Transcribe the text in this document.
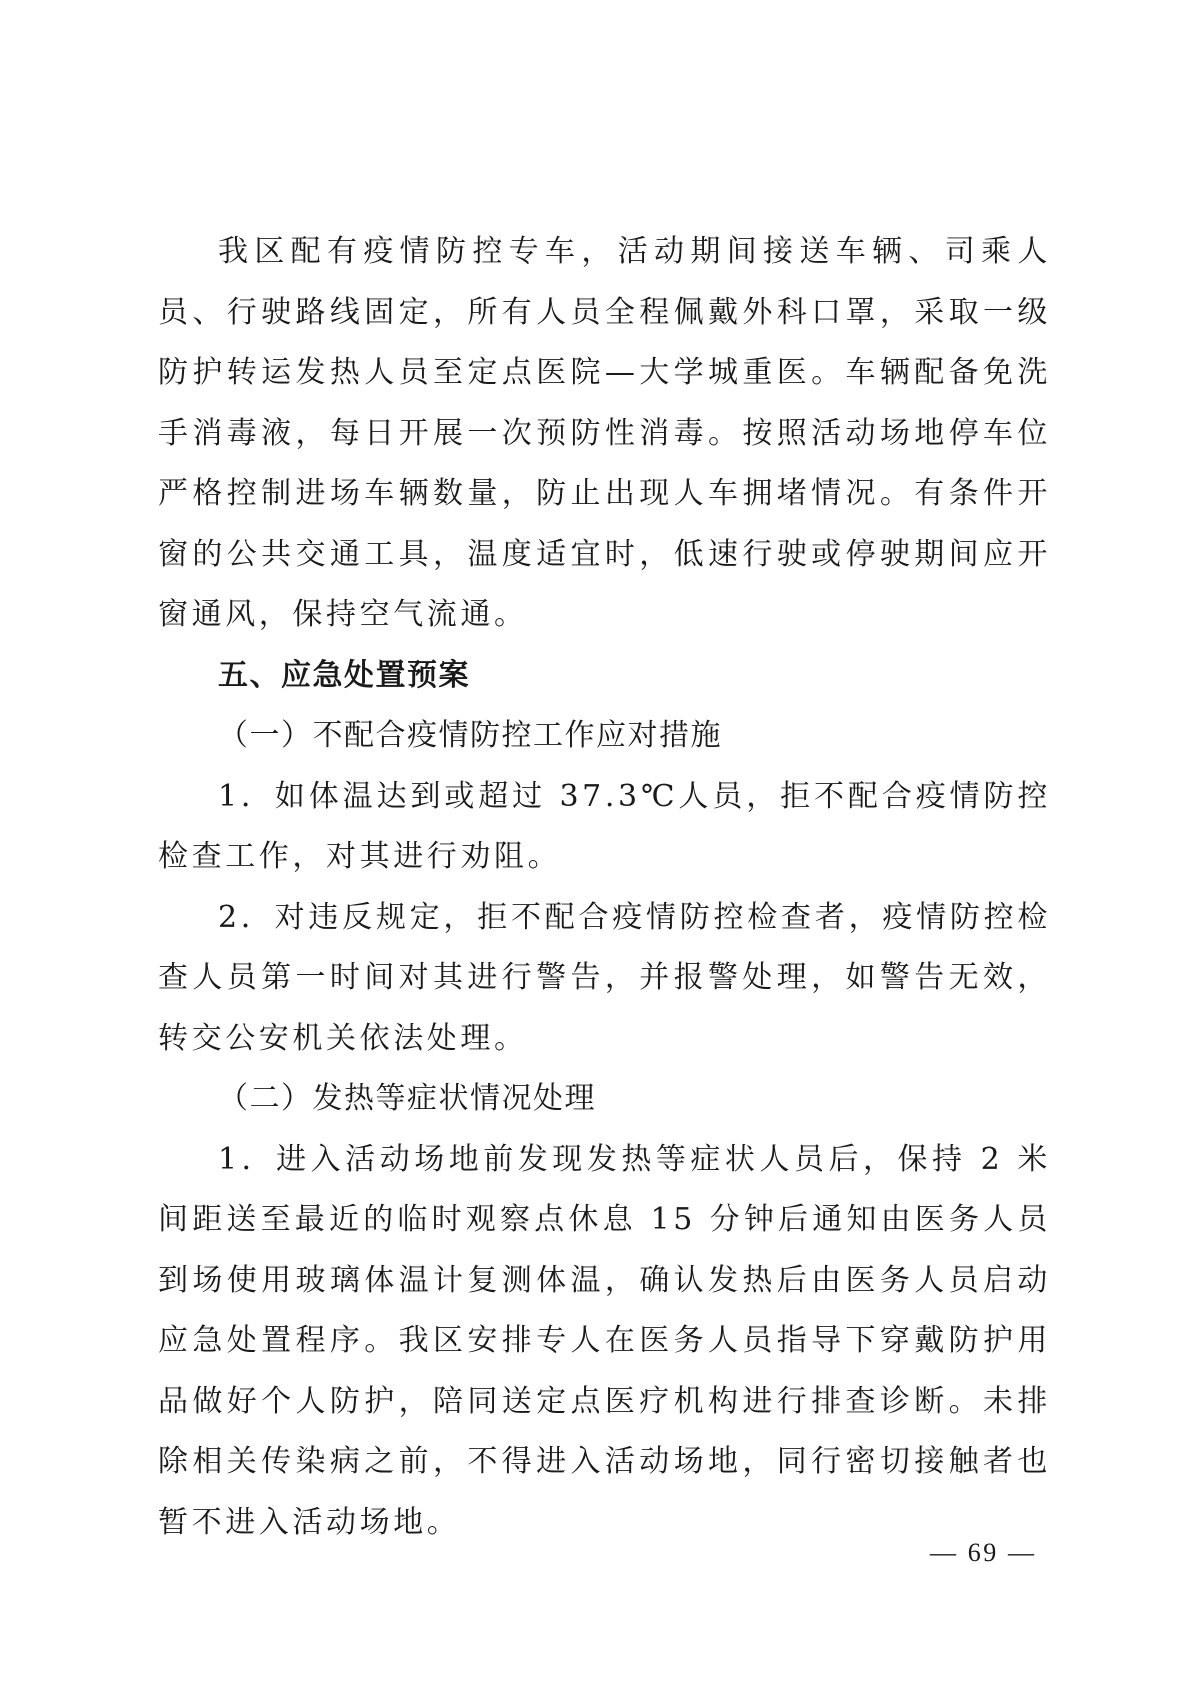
我区配有疫情防控专车，活动期间接送车辆、司乘人员、行驶路线固定，所有人员全程佩戴外科口罩，采取一级防护转运发热人员至定点医院—大学城重医。车辆配备免洗手消毒液，每日开展一次预防性消毒。按照活动场地停车位严格控制进场车辆数量，防止出现人车拥堵情况。有条件开窗的公共交通工具，温度适宜时，低速行驶或停驶期间应开窗通风，保持空气流通。

五、应急处置预案

（一）不配合疫情防控工作应对措施

1．如体温达到或超过 37.3℃人员，拒不配合疫情防控检查工作，对其进行劝阻。

2．对违反规定，拒不配合疫情防控检查者，疫情防控检查人员第一时间对其进行警告，并报警处理，如警告无效，转交公安机关依法处理。

（二）发热等症状情况处理

1．进入活动场地前发现发热等症状人员后，保持 2 米间距送至最近的临时观察点休息 15 分钟后通知由医务人员到场使用玻璃体温计复测体温，确认发热后由医务人员启动应急处置程序。我区安排专人在医务人员指导下穿戴防护用品做好个人防护，陪同送定点医疗机构进行排查诊断。未排除相关传染病之前，不得进入活动场地，同行密切接触者也暂不进入活动场地。

— 69 —
